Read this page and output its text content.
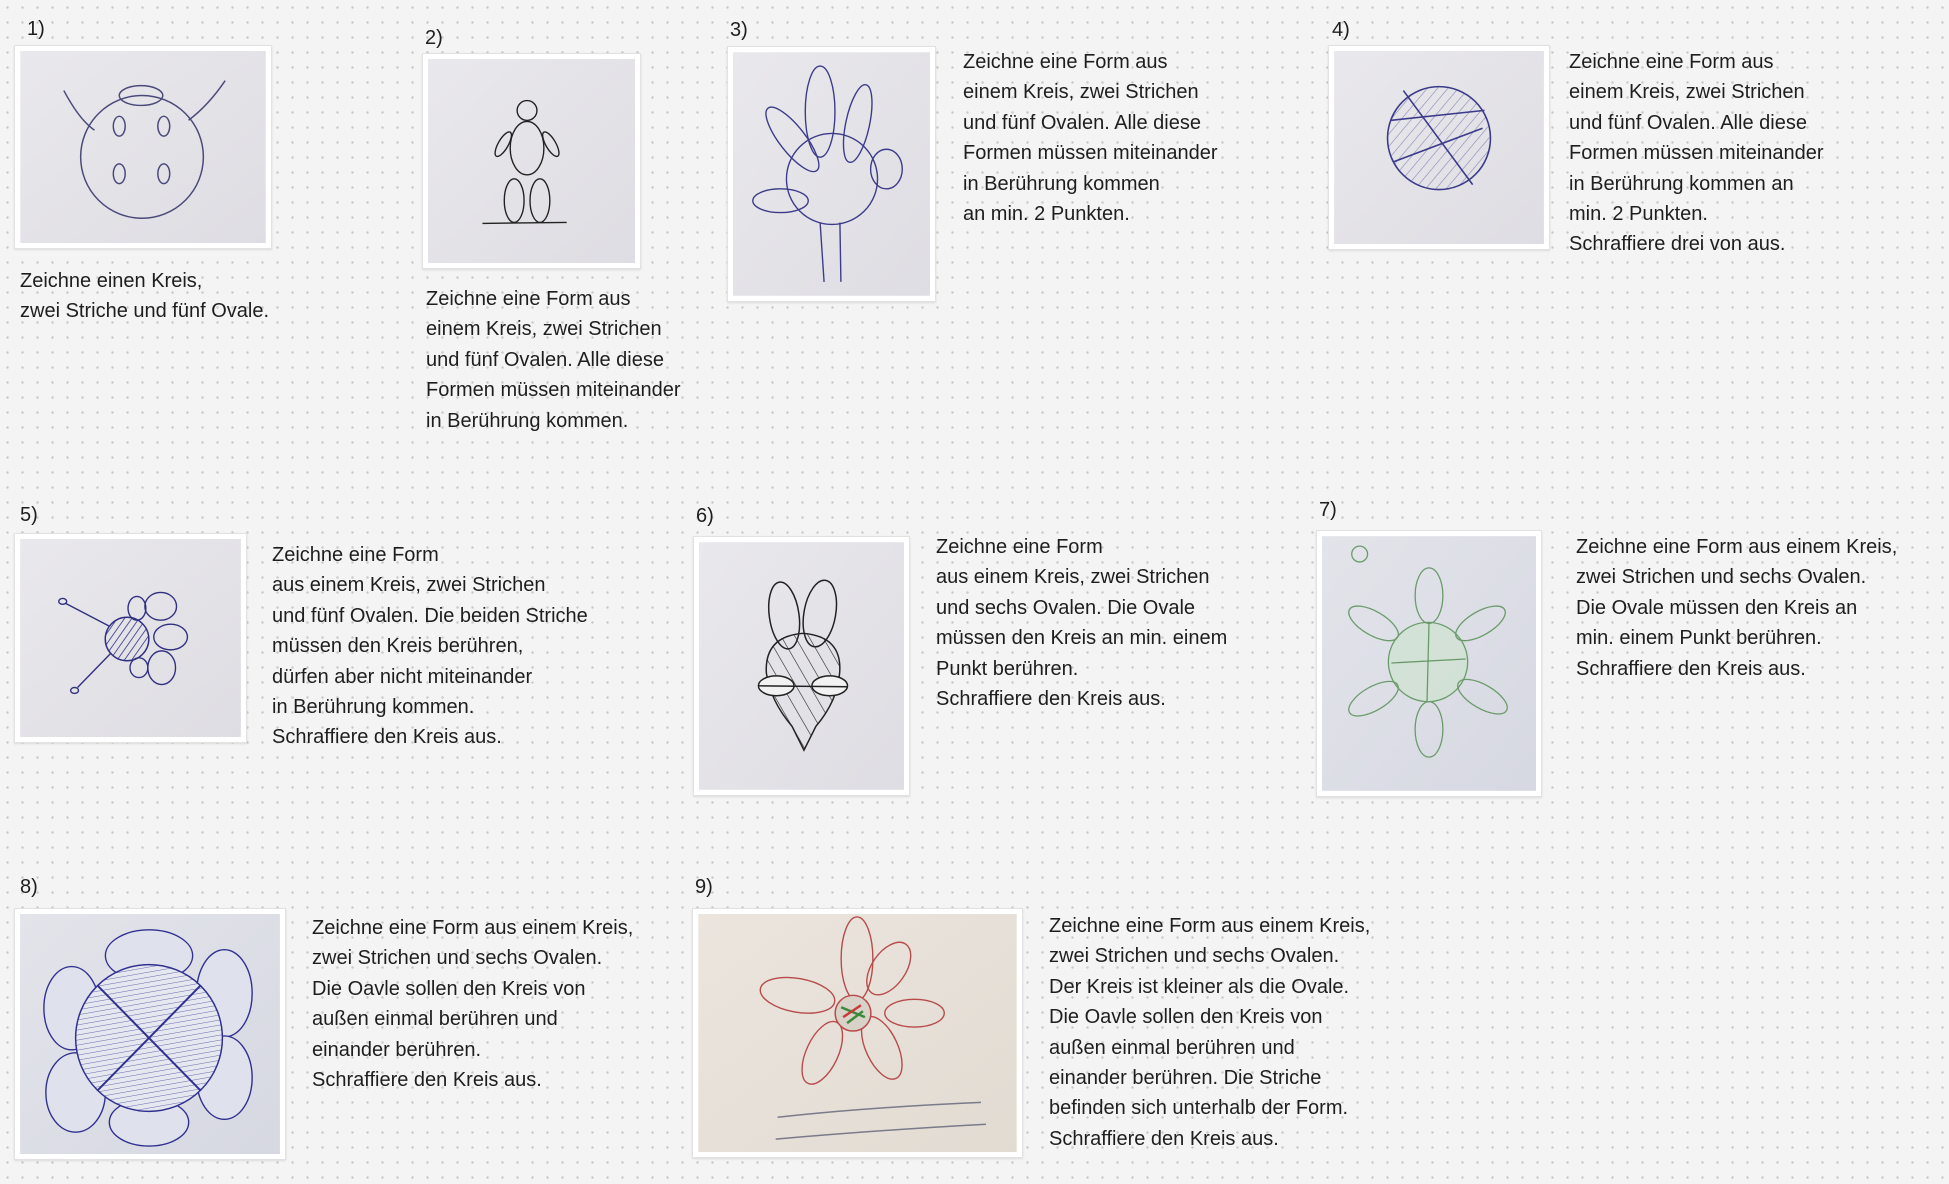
1)
Zeichne einen Kreis,
zwei Striche und fünf Ovale.
2)
Zeichne eine Form aus
einem Kreis, zwei Strichen
und fünf Ovalen. Alle diese
Formen müssen miteinander
in Berührung kommen.
3)
Zeichne eine Form aus
einem Kreis, zwei Strichen
und fünf Ovalen. Alle diese
Formen müssen miteinander
in Berührung kommen
an min. 2 Punkten.
4)
Zeichne eine Form aus
einem Kreis, zwei Strichen
und fünf Ovalen. Alle diese
Formen müssen miteinander
in Berührung kommen an
min. 2 Punkten.
Schraffiere drei von aus.
5)
Zeichne eine Form
aus einem Kreis, zwei Strichen
und fünf Ovalen. Die beiden Striche
müssen den Kreis berühren,
dürfen aber nicht miteinander
in Berührung kommen.
Schraffiere den Kreis aus.
6)
Zeichne eine Form
aus einem Kreis, zwei Strichen
und sechs Ovalen. Die Ovale
müssen den Kreis an min. einem
Punkt berühren.
Schraffiere den Kreis aus.
7)
Zeichne eine Form aus einem Kreis,
zwei Strichen und sechs Ovalen.
Die Ovale müssen den Kreis an
min. einem Punkt berühren.
Schraffiere den Kreis aus.
8)
Zeichne eine Form aus einem Kreis,
zwei Strichen und sechs Ovalen.
Die Oavle sollen den Kreis von
außen einmal berühren und
einander berühren.
Schraffiere den Kreis aus.
9)
Zeichne eine Form aus einem Kreis,
zwei Strichen und sechs Ovalen.
Der Kreis ist kleiner als die Ovale.
Die Oavle sollen den Kreis von
außen einmal berühren und
einander berühren. Die Striche
befinden sich unterhalb der Form.
Schraffiere den Kreis aus.
